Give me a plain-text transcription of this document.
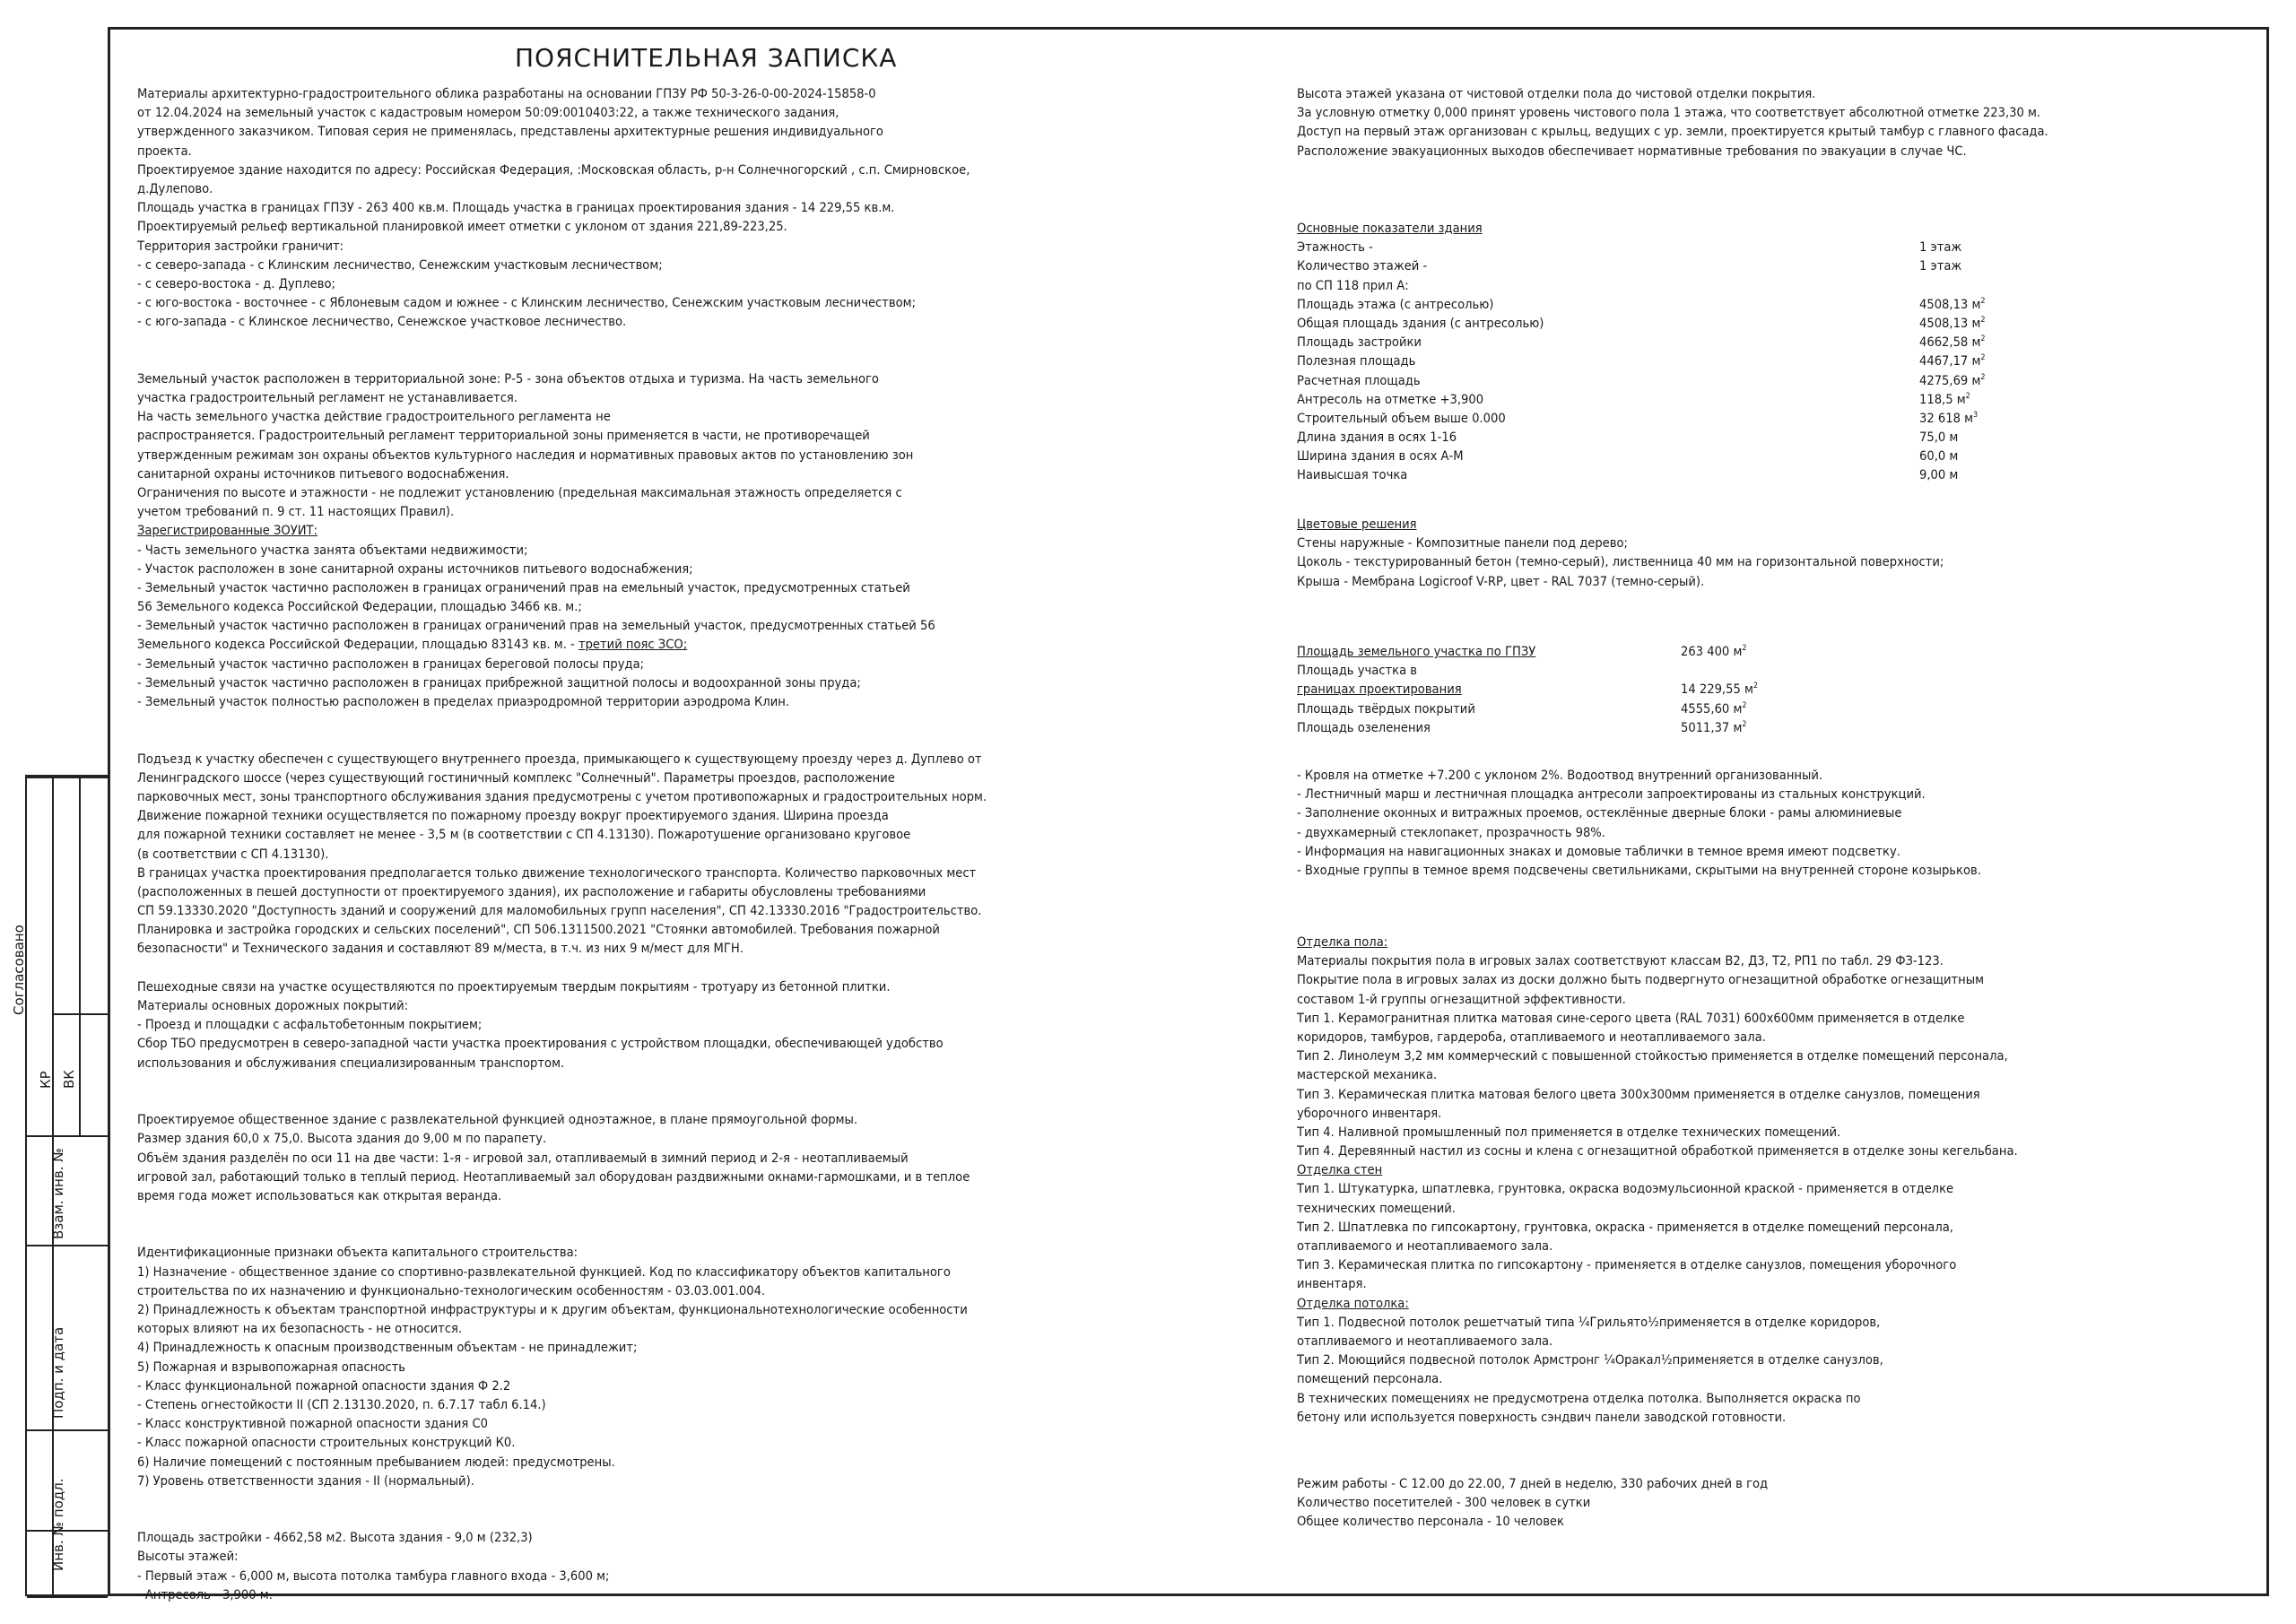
Согласовано
КР ВК
Взам. инв. №
Подп. и дата
Инв. № подл.
ПОЯСНИТЕЛЬНАЯ ЗАПИСКА
Материалы архитектурно-градостроительного облика разработаны на основании ГПЗУ РФ 50-3-26-0-00-2024-15858-0
от 12.04.2024 на земельный участок с кадастровым номером 50:09:0010403:22, а также технического задания,
утвержденного заказчиком. Типовая серия не применялась, представлены архитектурные решения индивидуального
проекта.
Проектируемое здание находится по адресу: Российская Федерация, :Московская область, р-н Солнечногорский , с.п. Смирновское,
д.Дулепово.
Площадь участка в границах ГПЗУ - 263 400 кв.м. Площадь участка в границах проектирования здания - 14 229,55 кв.м.
Проектируемый рельеф вертикальной планировкой имеет отметки с уклоном от здания 221,89-223,25.
Территория застройки граничит:
- с северо-запада - с Клинским лесничество, Сенежским участковым лесничеством;
- с северо-востока - д. Дуплево;
- с юго-востока - восточнее - с Яблоневым садом и южнее - с Клинским лесничество, Сенежским участковым лесничеством;
- с юго-запада - с Клинское лесничество, Сенежское участковое лесничество.
Земельный участок расположен в территориальной зоне: Р-5 - зона объектов отдыха и туризма. На часть земельного
участка градостроительный регламент не устанавливается.
На часть земельного участка действие градостроительного регламента не
распространяется. Градостроительный регламент территориальной зоны применяется в части, не противоречащей
утвержденным режимам зон охраны объектов культурного наследия и нормативных правовых актов по установлению зон
санитарной охраны источников питьевого водоснабжения.
Ограничения по высоте и этажности - не подлежит установлению (предельная максимальная этажность определяется с
учетом требований п. 9 ст. 11 настоящих Правил).
Зарегистрированные ЗОУИТ:
- Часть земельного участка занята объектами недвижимости;
- Участок расположен в зоне санитарной охраны источников питьевого водоснабжения;
- Земельный участок частично расположен в границах ограничений прав на емельный участок, предусмотренных статьей
56 Земельного кодекса Российской Федерации, площадью 3466 кв. м.;
- Земельный участок частично расположен в границах ограничений прав на земельный участок, предусмотренных статьей 56
Земельного кодекса Российской Федерации, площадью 83143 кв. м. - третий пояс ЗСО;
- Земельный участок частично расположен в границах береговой полосы пруда;
- Земельный участок частично расположен в границах прибрежной защитной полосы и водоохранной зоны пруда;
- Земельный участок полностью расположен в пределах приаэродромной территории аэродрома Клин.
Подъезд к участку обеспечен с существующего внутреннего проезда, примыкающего к существующему проезду через д. Дуплево от
Ленинградского шоссе (через существующий гостиничный комплекс "Солнечный". Параметры проездов, расположение
парковочных мест, зоны транспортного обслуживания здания предусмотрены с учетом противопожарных и градостроительных норм.
Движение пожарной техники осуществляется по пожарному проезду вокруг проектируемого здания. Ширина проезда
для пожарной техники составляет не менее - 3,5 м (в соответствии с СП 4.13130). Пожаротушение организовано круговое
(в соответствии с СП 4.13130).
В границах участка проектирования предполагается только движение технологического транспорта. Количество парковочных мест
(расположенных в пешей доступности от проектируемого здания), их расположение и габариты обусловлены требованиями
СП 59.13330.2020 "Доступность зданий и сооружений для маломобильных групп населения", СП 42.13330.2016 "Градостроительство.
Планировка и застройка городских и сельских поселений", СП 506.1311500.2021 "Стоянки автомобилей. Требования пожарной
безопасности" и Технического задания и составляют 89 м/места, в т.ч. из них 9 м/мест для МГН.
Пешеходные связи на участке осуществляются по проектируемым твердым покрытиям - тротуару из бетонной плитки.
Материалы основных дорожных покрытий:
- Проезд и площадки с асфальтобетонным покрытием;
Сбор ТБО предусмотрен в северо-западной части участка проектирования с устройством площадки, обеспечивающей удобство
использования и обслуживания специализированным транспортом.
Проектируемое общественное здание с развлекательной функцией одноэтажное, в плане прямоугольной формы.
Размер здания 60,0 х 75,0. Высота здания до 9,00 м по парапету.
Объём здания разделён по оси 11 на две части: 1-я - игровой зал, отапливаемый в зимний период и 2-я - неотапливаемый
игровой зал, работающий только в теплый период. Неотапливаемый зал оборудован раздвижными окнами-гармошками, и в теплое
время года может использоваться как открытая веранда.
Идентификационные признаки объекта капитального строительства:
1) Назначение - общественное здание со спортивно-развлекательной функцией. Код по классификатору объектов капитального
строительства по их назначению и функционально-технологическим особенностям - 03.03.001.004.
2) Принадлежность к объектам транспортной инфраструктуры и к другим объектам, функциональнотехнологические особенности
которых влияют на их безопасность - не относится.
4) Принадлежность к опасным производственным объектам - не принадлежит;
5) Пожарная и взрывопожарная опасность
- Класс функциональной пожарной опасности здания Ф 2.2
- Степень огнестойкости II (СП 2.13130.2020, п. 6.7.17 табл 6.14.)
- Класс конструктивной пожарной опасности здания С0
- Класс пожарной опасности строительных конструкций К0.
6) Наличие помещений с постоянным пребыванием людей: предусмотрены.
7) Уровень ответственности здания - II (нормальный).
Площадь застройки - 4662,58 м2. Высота здания - 9,0 м (232,3)
Высоты этажей:
- Первый этаж - 6,000 м, высота потолка тамбура главного входа - 3,600 м;
- Антресоль - 3,900 м.
Высота этажей указана от чистовой отделки пола до чистовой отделки покрытия.
За условную отметку 0,000 принят уровень чистового пола 1 этажа, что соответствует абсолютной отметке 223,30 м.
Доступ на первый этаж организован с крыльц, ведущих с ур. земли, проектируется крытый тамбур с главного фасада.
Расположение эвакуационных выходов обеспечивает нормативные требования по эвакуации в случае ЧС.
Основные показатели здания
Этажность -	1 этаж
Количество этажей -	1 этаж
по СП 118 прил А:
Площадь этажа (с антресолью)	4508,13 $м^2$
Общая площадь здания (с антресолью)	4508,13 $м^2$
Площадь застройки	4662,58 $м^2$
Полезная площадь	4467,17 $м^2$
Расчетная площадь	4275,69 $м^2$
Антресоль на отметке +3,900	118,5 $м^2$
Строительный объем выше 0.000	32 618 $м^3$
Длина здания в осях 1-16	75,0 м
Ширина здания в осях А-М	60,0 м
Наивысшая точка	9,00 м
Цветовые решения
Стены наружные - Композитные панели под дерево;
Цоколь - текстурированный бетон (темно-серый), лиственница 40 мм на горизонтальной поверхности;
Крыша - Мембрана Logicroof V-RP, цвет - RAL 7037 (темно-серый).
Площадь земельного участка по ГПЗУ	263 400 $м^2$
Площадь участка в
границах проектирования	14 229,55 $м^2$
Площадь твёрдых покрытий	4555,60 $м^2$
Площадь озеленения	5011,37 $м^2$
- Кровля на отметке +7.200 с уклоном 2%. Водоотвод внутренний организованный.
- Лестничный марш и лестничная площадка антресоли запроектированы из стальных конструкций.
- Заполнение оконных и витражных проемов, остеклённые дверные блоки - рамы алюминиевые
- двухкамерный стеклопакет, прозрачность 98%.
- Информация на навигационных знаках и домовые таблички в темное время имеют подсветку.
- Входные группы в темное время подсвечены светильниками, скрытыми на внутренней стороне козырьков.
Отделка пола:
Материалы покрытия пола в игровых залах соответствуют классам В2, Д3, Т2, РП1 по табл. 29 ФЗ-123.
Покрытие пола в игровых залах из доски должно быть подвергнуто огнезащитной обработке огнезащитным
составом 1-й группы огнезащитной эффективности.
Тип 1. Керамогранитная плитка матовая сине-серого цвета (RAL 7031) 600х600мм применяется в отделке
коридоров, тамбуров, гардероба, отапливаемого и неотапливаемого зала.
Тип 2. Линолеум 3,2 мм коммерческий с повышенной стойкостью применяется в отделке помещений персонала,
мастерской механика.
Тип 3. Керамическая плитка матовая белого цвета 300х300мм применяется в отделке санузлов, помещения
уборочного инвентаря.
Тип 4. Наливной промышленный пол применяется в отделке технических помещений.
Тип 4. Деревянный настил из сосны и клена с огнезащитной обработкой применяется в отделке зоны кегельбана.
Отделка стен
Тип 1. Штукатурка, шпатлевка, грунтовка, окраска водоэмульсионной краской - применяется в отделке
технических помещений.
Тип 2. Шпатлевка по гипсокартону, грунтовка, окраска - применяется в отделке помещений персонала,
отапливаемого и неотапливаемого зала.
Тип 3. Керамическая плитка по гипсокартону - применяется в отделке санузлов, помещения уборочного
инвентаря.
Отделка потолка:
Тип 1. Подвесной потолок решетчатый типа ¼Грильято½применяется в отделке коридоров,
отапливаемого и неотапливаемого зала.
Тип 2. Моющийся подвесной потолок Армстронг ¼Оракал½применяется в отделке санузлов,
помещений персонала.
В технических помещениях не предусмотрена отделка потолка. Выполняется окраска по
бетону или используется поверхность сэндвич панели заводской готовности.
Режим работы - С 12.00 до 22.00, 7 дней в неделю, 330 рабочих дней в год
Количество посетителей - 300 человек в сутки
Общее количество персонала - 10 человек
